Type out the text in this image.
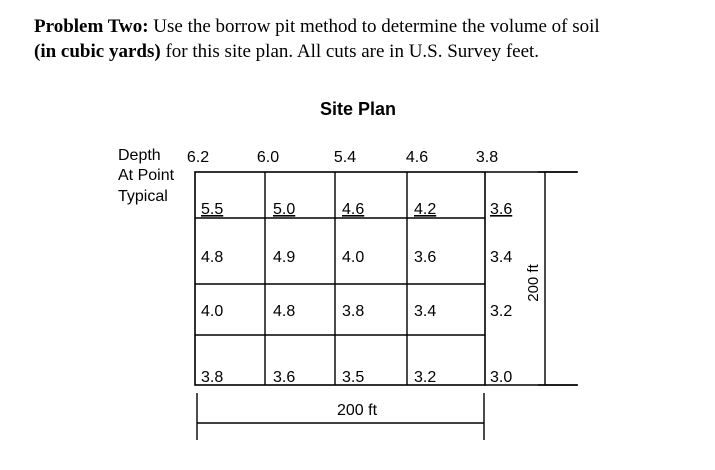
Problem Two: Use the borrow pit method to determine the volume of soil
(in cubic yards) for this site plan. All cuts are in U.S. Survey feet.
Site Plan
Depth
At Point
Typical
6.2	6.0	5.4	4.6	3.8
5.5	5.0	4.6	4.2	3.6
4.8	4.9	4.0	3.6	3.4
4.0	4.8	3.8	3.4	3.2
3.8	3.6	3.5	3.2	3.0
200 ft
200 ft
